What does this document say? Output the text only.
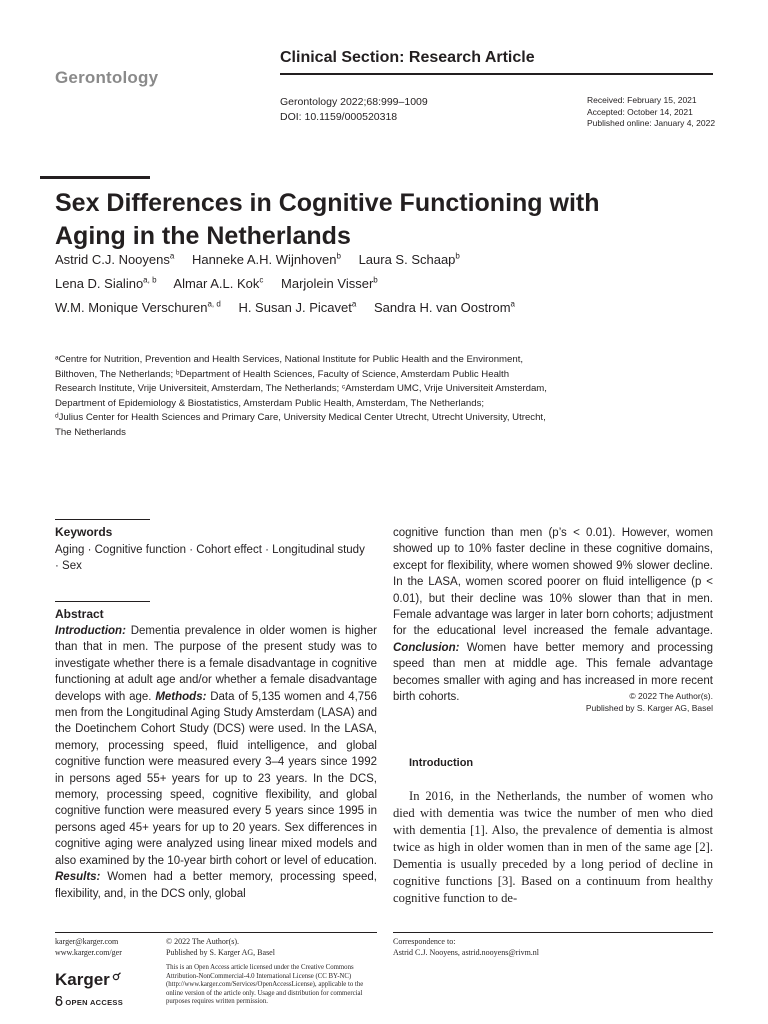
Gerontology
Clinical Section: Research Article
Gerontology 2022;68:999–1009
DOI: 10.1159/000520318
Received: February 15, 2021
Accepted: October 14, 2021
Published online: January 4, 2022
Sex Differences in Cognitive Functioning with Aging in the Netherlands
Astrid C.J. Nooyens$^a$ Hanneke A.H. Wijnhoven$^b$ Laura S. Schaap$^b$
Lena D. Sialino$^{a, b}$ Almar A.L. Kok$^c$ Marjolein Visser$^b$
W.M. Monique Verschuren$^{a, d}$ H. Susan J. Picavet$^a$ Sandra H. van Oostrom$^a$
ᵃCentre for Nutrition, Prevention and Health Services, National Institute for Public Health and the Environment,
Bilthoven, The Netherlands; ᵇDepartment of Health Sciences, Faculty of Science, Amsterdam Public Health
Research Institute, Vrije Universiteit, Amsterdam, The Netherlands; ᶜAmsterdam UMC, Vrije Universiteit Amsterdam,
Department of Epidemiology & Biostatistics, Amsterdam Public Health, Amsterdam, The Netherlands;
ᵈJulius Center for Health Sciences and Primary Care, University Medical Center Utrecht, Utrecht University, Utrecht,
The Netherlands
Keywords
Aging · Cognitive function · Cohort effect · Longitudinal study · Sex
Abstract

Introduction: Dementia prevalence in older women is higher than that in men. The purpose of the present study was to investigate whether there is a female disadvantage in cognitive functioning at adult age and/or whether a female disadvantage develops with age. Methods: Data of 5,135 women and 4,756 men from the Longitudinal Aging Study Amsterdam (LASA) and the Doetinchem Cohort Study (DCS) were used. In the LASA, memory, processing speed, fluid intelligence, and global cognitive function were measured every 3–4 years since 1992 in persons aged 55+ years for up to 23 years. In the DCS, memory, processing speed, cognitive flexibility, and global cognitive function were measured every 5 years since 1995 in persons aged 45+ years for up to 20 years. Sex differences in cognitive aging were analyzed using linear mixed models and also examined by the 10-year birth cohort or level of education. Results: Women had a better memory, processing speed, flexibility, and, in the DCS only, global

cognitive function than men (p’s < 0.01). However, women showed up to 10% faster decline in these cognitive domains, except for flexibility, where women showed 9% slower decline. In the LASA, women scored poorer on fluid intelligence (p < 0.01), but their decline was 10% slower than that in men. Female advantage was larger in later born cohorts; adjustment for the educational level increased the female advantage. Conclusion: Women have better memory and processing speed than men at middle age. This female advantage becomes smaller with aging and has increased in more recent birth cohorts.	© 2022 The Author(s).
Published by S. Karger AG, Basel
Introduction
In 2016, in the Netherlands, the number of women who died with dementia was twice the number of men who died with dementia [1]. Also, the prevalence of dementia is almost twice as high in older women than in men of the same age [2]. Dementia is usually preceded by a long period of decline in cognitive functions [3]. Based on a continuum from healthy cognitive function to de-
karger@karger.com
www.karger.com/ger
Karger
OPEN ACCESS
© 2022 The Author(s).
Published by S. Karger AG, Basel
This is an Open Access article licensed under the Creative Commons Attribution-NonCommercial-4.0 International License (CC BY-NC) (http://www.karger.com/Services/OpenAccessLicense), applicable to the online version of the article only. Usage and distribution for commercial purposes requires written permission.
Correspondence to:
Astrid C.J. Nooyens, astrid.nooyens@rivm.nl
